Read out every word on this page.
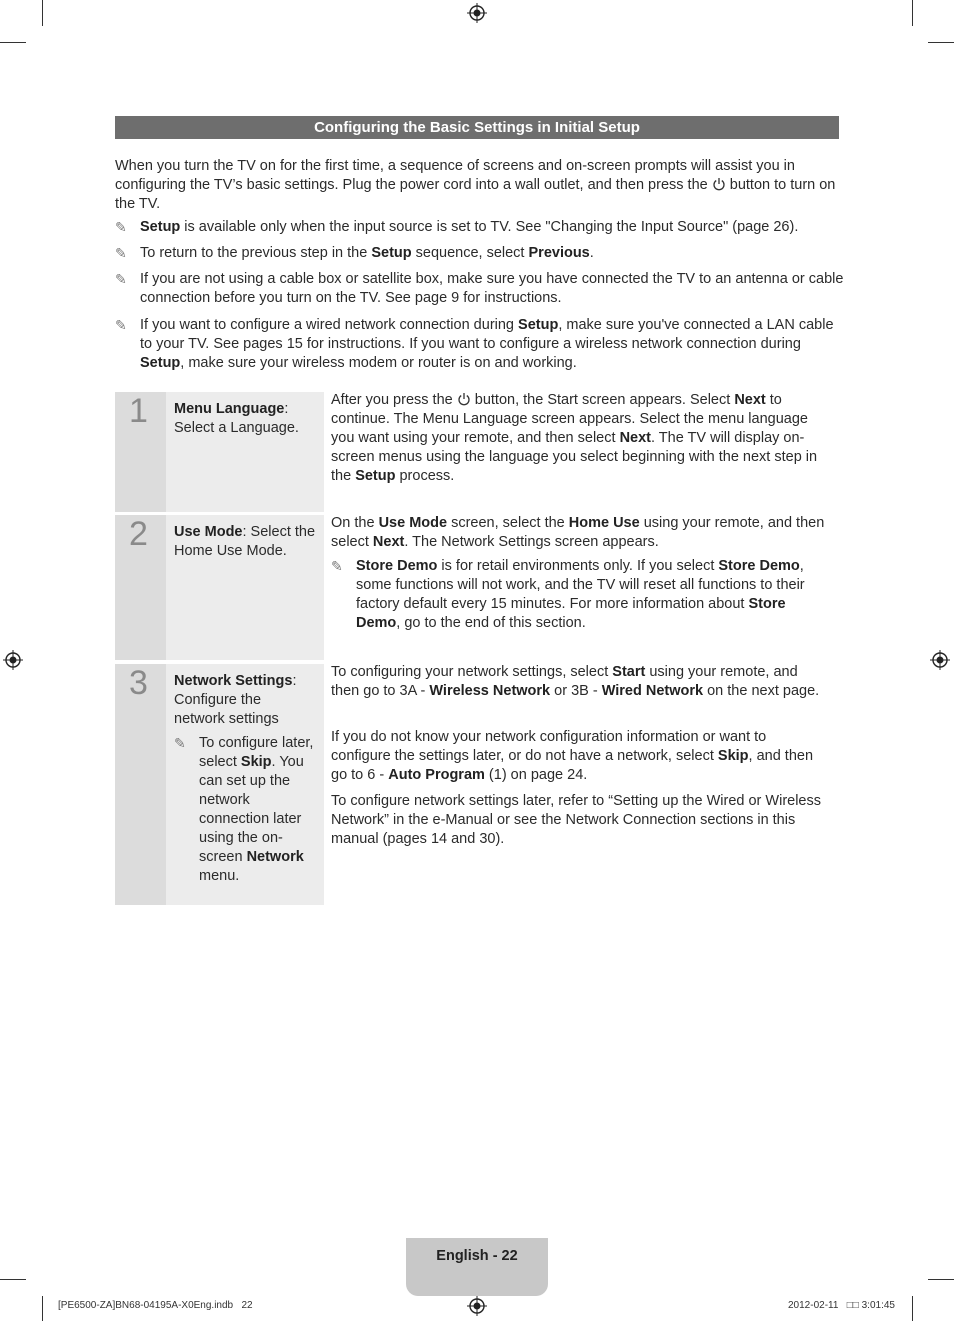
Configuring the Basic Settings in Initial Setup
When you turn the TV on for the first time, a sequence of screens and on-screen prompts will assist you in configuring the TV’s basic settings. Plug the power cord into a wall outlet, and then press the button to turn on the TV.
✎ Setup is available only when the input source is set to TV. See "Changing the Input Source" (page 26).
✎ To return to the previous step in the Setup sequence, select Previous.
✎ If you are not using a cable box or satellite box, make sure you have connected the TV to an antenna or cable connection before you turn on the TV. See page 9 for instructions.
✎ If you want to configure a wired network connection during Setup, make sure you've connected a LAN cable to your TV. See pages 15 for instructions. If you want to configure a wireless network connection during Setup, make sure your wireless modem or router is on and working.
1 Menu Language: Select a Language.
After you press the  button, the Start screen appears. Select Next to continue. The Menu Language screen appears. Select the menu language you want using your remote, and then select Next. The TV will display on-screen menus using the language you select beginning with the next step in the Setup process.
2 Use Mode: Select the Home Use Mode.
On the Use Mode screen, select the Home Use using your remote, and then select Next. The Network Settings screen appears.
✎ Store Demo is for retail environments only. If you select Store Demo, some functions will not work, and the TV will reset all functions to their factory default every 15 minutes. For more information about Store Demo, go to the end of this section.
3 Network Settings: Configure the network settings
✎ To configure later, select Skip. You can set up the network connection later using the on-screen Network menu.
To configuring your network settings, select Start using your remote, and then go to 3A - Wireless Network or 3B - Wired Network on the next page.
If you do not know your network configuration information or want to configure the settings later, or do not have a network, select Skip, and then go to 6 - Auto Program (1) on page 24.
To configure network settings later, refer to “Setting up the Wired or Wireless Network” in the e-Manual or see the Network Connection sections in this manual (pages 14 and 30).
English - 22
[PE6500-ZA]BN68-04195A-X0Eng.indb   22	2012-02-11   □□ 3:01:45
